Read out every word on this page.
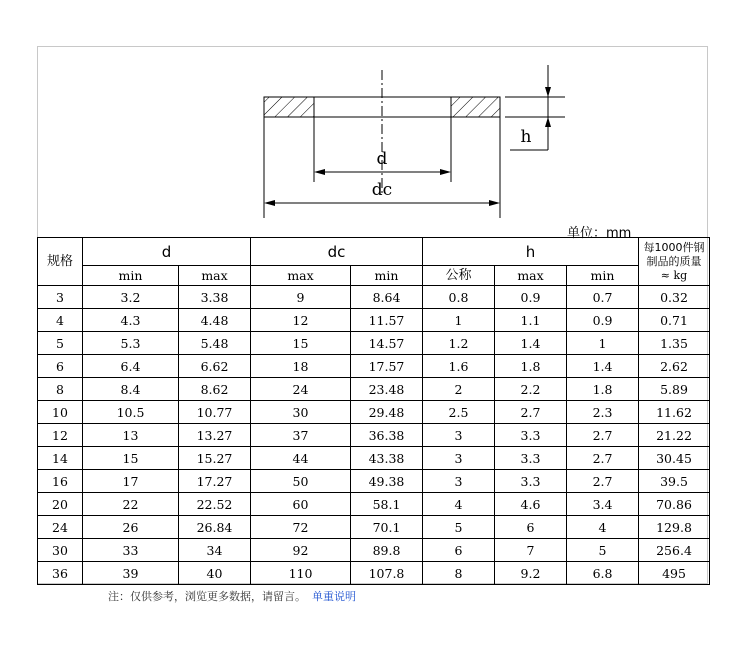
d
dc
h
单位：mm
规格	d		dc		h			每1000件钢
制品的质量
≈ kg

	min	max	max	min	公称	max	min	
3	3.2	3.38	9	8.64	0.8	0.9	0.7	0.32
4	4.3	4.48	12	11.57	1	1.1	0.9	0.71
5	5.3	5.48	15	14.57	1.2	1.4	1	1.35
6	6.4	6.62	18	17.57	1.6	1.8	1.4	2.62
8	8.4	8.62	24	23.48	2	2.2	1.8	5.89
10	10.5	10.77	30	29.48	2.5	2.7	2.3	11.62
12	13	13.27	37	36.38	3	3.3	2.7	21.22
14	15	15.27	44	43.38	3	3.3	2.7	30.45
16	17	17.27	50	49.38	3	3.3	2.7	39.5
20	22	22.52	60	58.1	4	4.6	3.4	70.86
24	26	26.84	72	70.1	5	6	4	129.8
30	33	34	92	89.8	6	7	5	256.4
36	39	40	110	107.8	8	9.2	6.8	495
注：仅供参考，浏览更多数据，请留言。 单重说明
